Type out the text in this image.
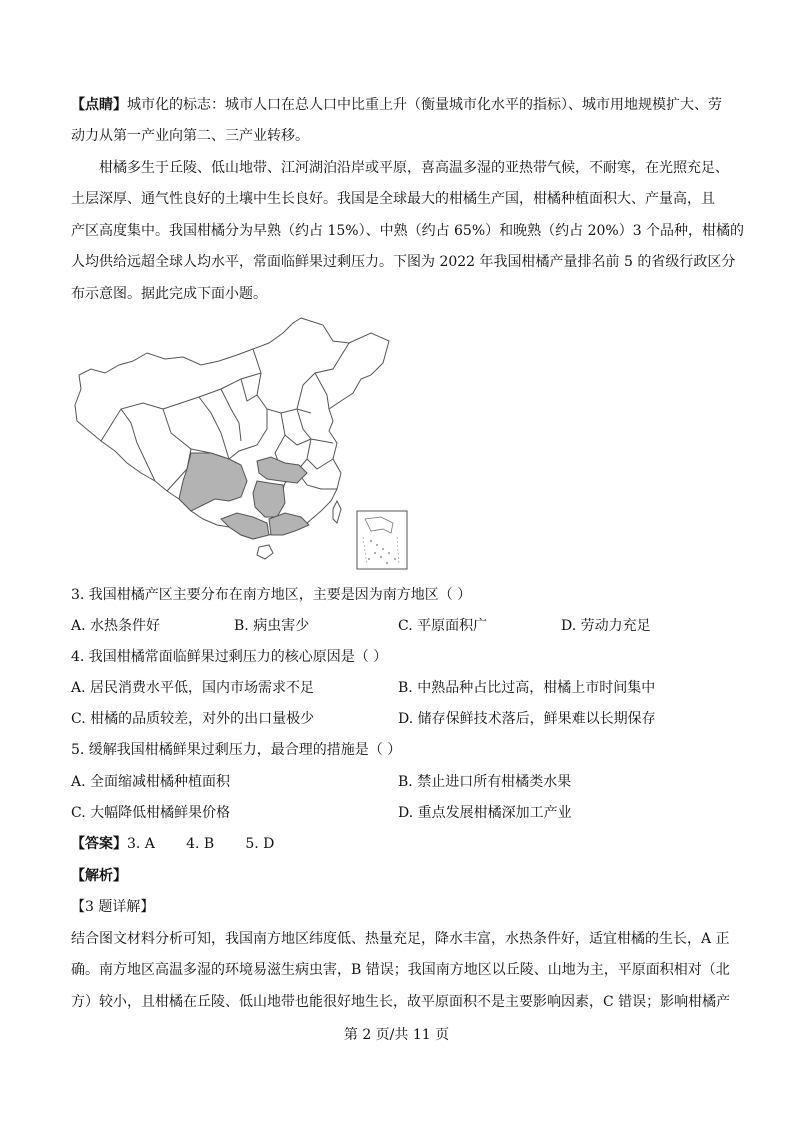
【点睛】城市化的标志：城市人口在总人口中比重上升（衡量城市化水平的指标）、城市用地规模扩大、劳
动力从第一产业向第二、三产业转移。
柑橘多生于丘陵、低山地带、江河湖泊沿岸或平原，喜高温多湿的亚热带气候，不耐寒，在光照充足、
土层深厚、通气性良好的土壤中生长良好。我国是全球最大的柑橘生产国，柑橘种植面积大、产量高，且
产区高度集中。我国柑橘分为早熟（约占 15%）、中熟（约占 65%）和晚熟（约占 20%）3 个品种，柑橘的
人均供给远超全球人均水平，常面临鲜果过剩压力。下图为 2022 年我国柑橘产量排名前 5 的省级行政区分
布示意图。据此完成下面小题。
3. 我国柑橘产区主要分布在南方地区，主要是因为南方地区（ ）
A. 水热条件好	B. 病虫害少	C. 平原面积广	D. 劳动力充足
4. 我国柑橘常面临鲜果过剩压力的核心原因是（ ）
A. 居民消费水平低，国内市场需求不足	B. 中熟品种占比过高，柑橘上市时间集中
C. 柑橘的品质较差，对外的出口量极少	D. 储存保鲜技术落后，鲜果难以长期保存
5. 缓解我国柑橘鲜果过剩压力，最合理的措施是（ ）
A. 全面缩减柑橘种植面积	B. 禁止进口所有柑橘类水果
C. 大幅降低柑橘鲜果价格	D. 重点发展柑橘深加工产业
【答案】3. A       4. B       5. D
【解析】
【3 题详解】
结合图文材料分析可知，我国南方地区纬度低、热量充足，降水丰富，水热条件好，适宜柑橘的生长，A 正
确。南方地区高温多湿的环境易滋生病虫害，B 错误；我国南方地区以丘陵、山地为主，平原面积相对（北
方）较小，且柑橘在丘陵、低山地带也能很好地生长，故平原面积不是主要影响因素，C 错误；影响柑橘产
第 2 页/共 11 页
